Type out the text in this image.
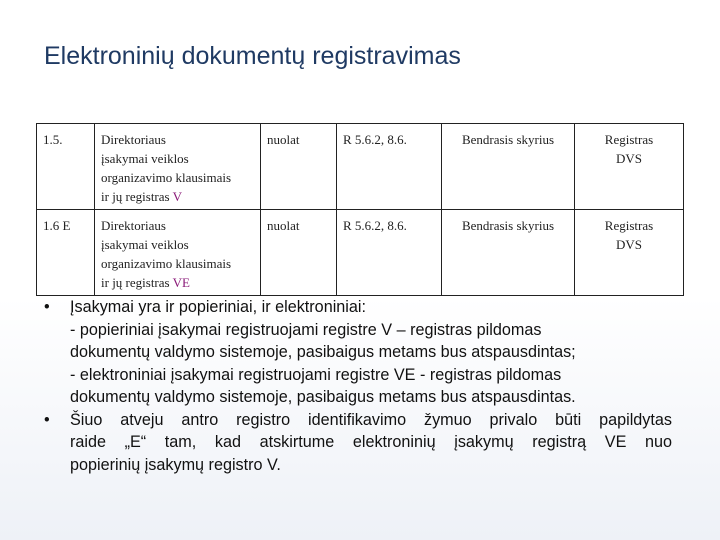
Elektroninių dokumentų registravimas
1.5.	Direktoriaus
įsakymai veiklos
organizavimo klausimais
ir jų registras V	nuolat	R 5.6.2, 8.6.	Bendrasis skyrius	Registras
DVS
1.6 E	Direktoriaus
įsakymai veiklos
organizavimo klausimais
ir jų registras VE	nuolat	R 5.6.2, 8.6.	Bendrasis skyrius	Registras
DVS
• Įsakymai yra ir popieriniai, ir elektroniniai:
- popieriniai įsakymai registruojami registre V – registras pildomas
dokumentų valdymo sistemoje, pasibaigus metams bus atspausdintas;
- elektroniniai įsakymai registruojami registre VE - registras pildomas
dokumentų valdymo sistemoje, pasibaigus metams bus atspausdintas.
• Šiuo atveju antro registro identifikavimo žymuo privalo būti papildytas
raide „E“ tam, kad atskirtume elektroninių įsakymų registrą VE nuo
popierinių įsakymų registro V.
